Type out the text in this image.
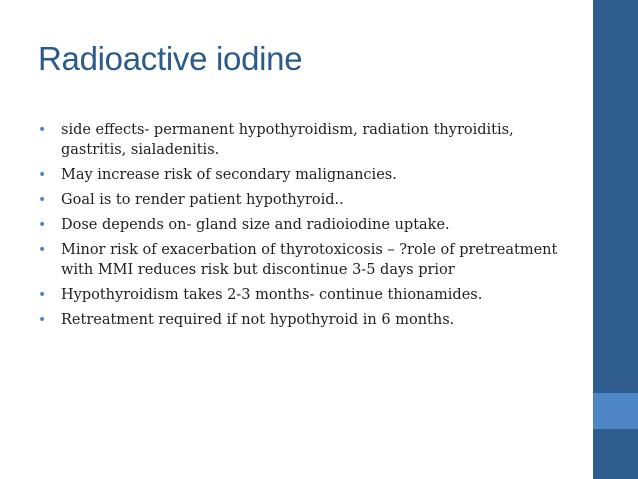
Radioactive iodine
• side effects- permanent hypothyroidism, radiation thyroiditis, gastritis, sialadenitis.
• May increase risk of secondary malignancies.
• Goal is to render patient hypothyroid..
• Dose depends on- gland size and radioiodine uptake.
• Minor risk of exacerbation of thyrotoxicosis – ?role of pretreatment with MMI reduces risk but discontinue 3-5 days prior
• Hypothyroidism takes 2-3 months- continue thionamides.
• Retreatment required if not hypothyroid in 6 months.
